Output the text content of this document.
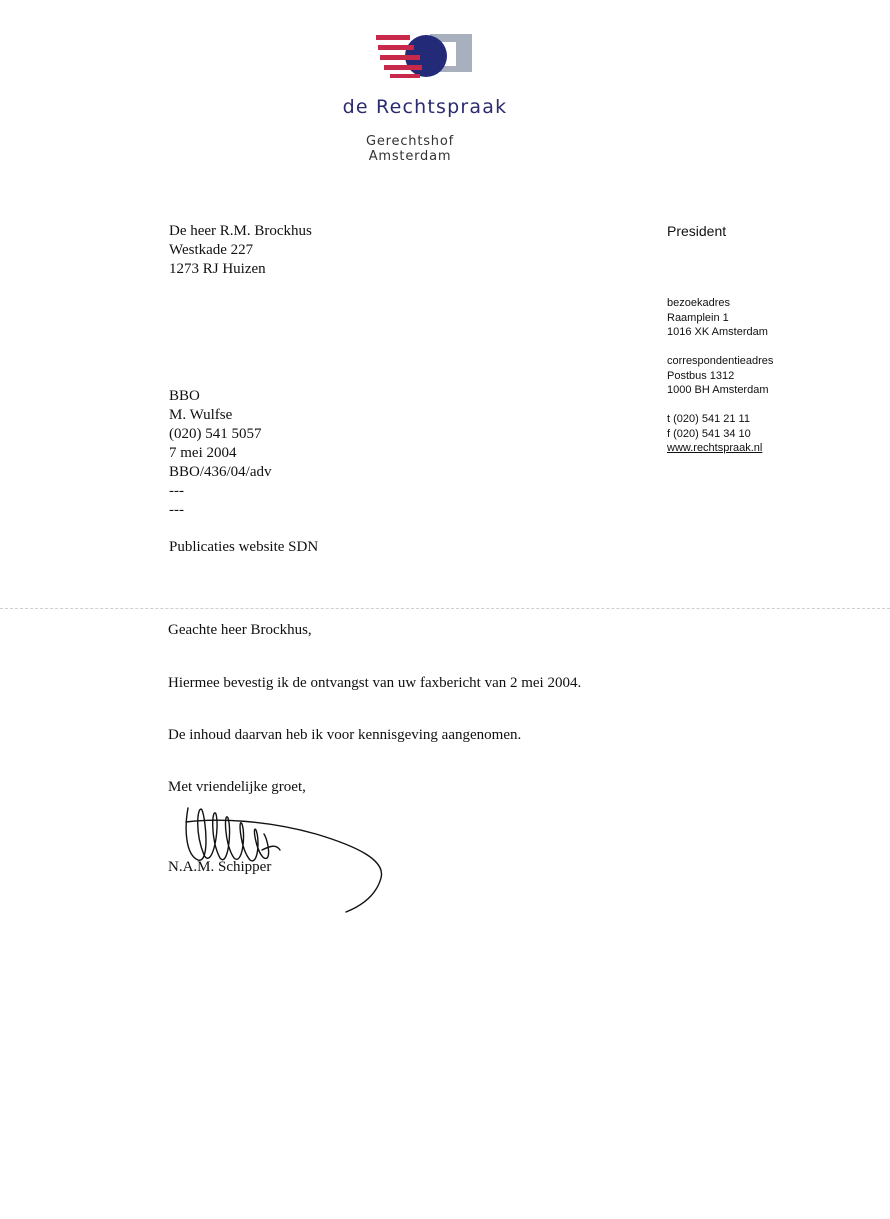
de Rechtspraak
Gerechtshof
Amsterdam
De heer R.M. Brockhus
Westkade 227
1273 RJ Huizen
President
bezoekadres
Raamplein 1
1016 XK Amsterdam
correspondentieadres
Postbus 1312
1000 BH Amsterdam
t (020) 541 21 11
f (020) 541 34 10
www.rechtspraak.nl
BBO
M. Wulfse
(020) 541 5057
7 mei 2004
BBO/436/04/adv
---
---
Publicaties website SDN
Geachte heer Brockhus,
Hiermee bevestig ik de ontvangst van uw faxbericht van 2 mei 2004.
De inhoud daarvan heb ik voor kennisgeving aangenomen.
Met vriendelijke groet,
N.A.M. Schipper
